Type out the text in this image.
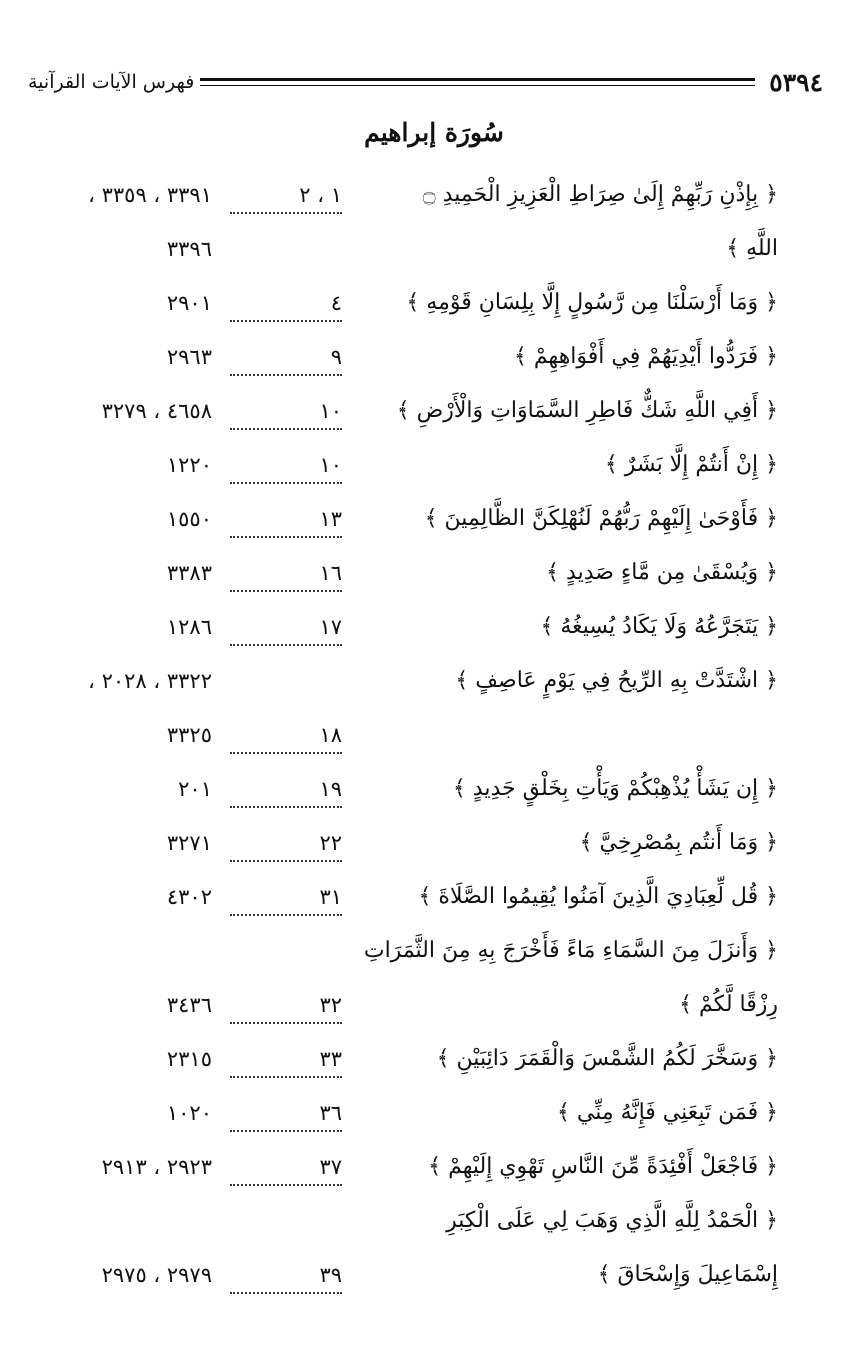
٥٣٩٤
فهرس الآيات القرآنية
سُورَة إبراهيم
﴿ بِإِذْنِ رَبِّهِمْ إِلَىٰ صِرَاطِ الْعَزِيزِ الْحَمِيدِ ۝
اللَّهِ ﴾
١ ، ٢
٣٣٩١ ، ٣٣٥٩ ،
٣٣٩٦
﴿ وَمَا أَرْسَلْنَا مِن رَّسُولٍ إِلَّا بِلِسَانِ قَوْمِهِ ﴾
٤
٢٩٠١
﴿ فَرَدُّوا أَيْدِيَهُمْ فِي أَفْوَاهِهِمْ ﴾
٩
٢٩٦٣
﴿ أَفِي اللَّهِ شَكٌّ فَاطِرِ السَّمَاوَاتِ وَالْأَرْضِ ﴾
١٠
٤٦٥٨ ، ٣٢٧٩
﴿ إِنْ أَنتُمْ إِلَّا بَشَرٌ ﴾
١٠
١٢٢٠
﴿ فَأَوْحَىٰ إِلَيْهِمْ رَبُّهُمْ لَنُهْلِكَنَّ الظَّالِمِينَ ﴾
١٣
١٥٥٠
﴿ وَيُسْقَىٰ مِن مَّاءٍ صَدِيدٍ ﴾
١٦
٣٣٨٣
﴿ يَتَجَرَّعُهُ وَلَا يَكَادُ يُسِيغُهُ ﴾
١٧
١٢٨٦
﴿ اشْتَدَّتْ بِهِ الرِّيحُ فِي يَوْمٍ عَاصِفٍ ﴾
١٨
٣٣٢٢ ، ٢٠٢٨ ،
٣٣٢٥
﴿ إِن يَشَأْ يُذْهِبْكُمْ وَيَأْتِ بِخَلْقٍ جَدِيدٍ ﴾
١٩
٢٠١
﴿ وَمَا أَنتُم بِمُصْرِخِيَّ ﴾
٢٢
٣٢٧١
﴿ قُل لِّعِبَادِيَ الَّذِينَ آمَنُوا يُقِيمُوا الصَّلَاةَ ﴾
٣١
٤٣٠٢
﴿ وَأَنزَلَ مِنَ السَّمَاءِ مَاءً فَأَخْرَجَ بِهِ مِنَ الثَّمَرَاتِ
رِزْقًا لَّكُمْ ﴾
٣٢
٣٤٣٦
﴿ وَسَخَّرَ لَكُمُ الشَّمْسَ وَالْقَمَرَ دَائِبَيْنِ ﴾
٣٣
٢٣١٥
﴿ فَمَن تَبِعَنِي فَإِنَّهُ مِنِّي ﴾
٣٦
١٠٢٠
﴿ فَاجْعَلْ أَفْئِدَةً مِّنَ النَّاسِ تَهْوِي إِلَيْهِمْ ﴾
٣٧
٢٩٢٣ ، ٢٩١٣
﴿ الْحَمْدُ لِلَّهِ الَّذِي وَهَبَ لِي عَلَى الْكِبَرِ
إِسْمَاعِيلَ وَإِسْحَاقَ ﴾
٣٩
٢٩٧٩ ، ٢٩٧٥
